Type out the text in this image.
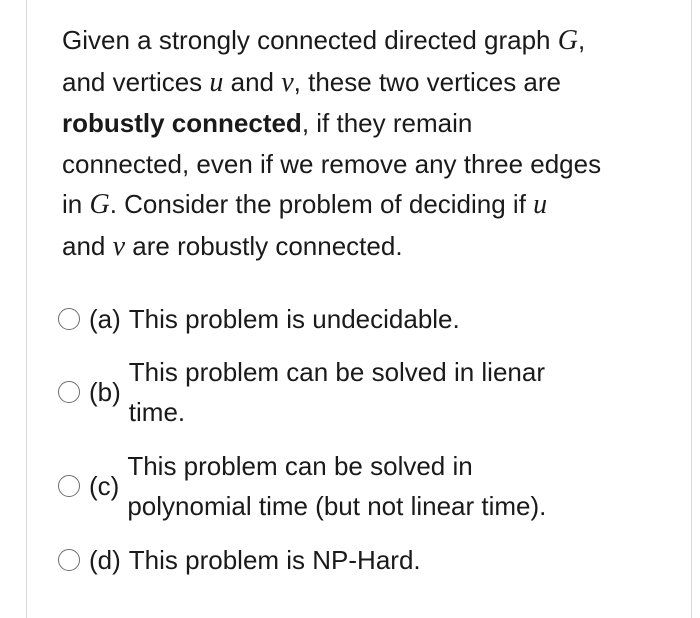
Given a strongly connected directed graph G,
and vertices u and v, these two vertices are
robustly connected, if they remain
connected, even if we remove any three edges
in G. Consider the problem of deciding if u
and v are robustly connected.
(a) This problem is undecidable.
(b)
This problem can be solved in lienar
time.
(c)
This problem can be solved in
polynomial time (but not linear time).
(d) This problem is NP-Hard.
